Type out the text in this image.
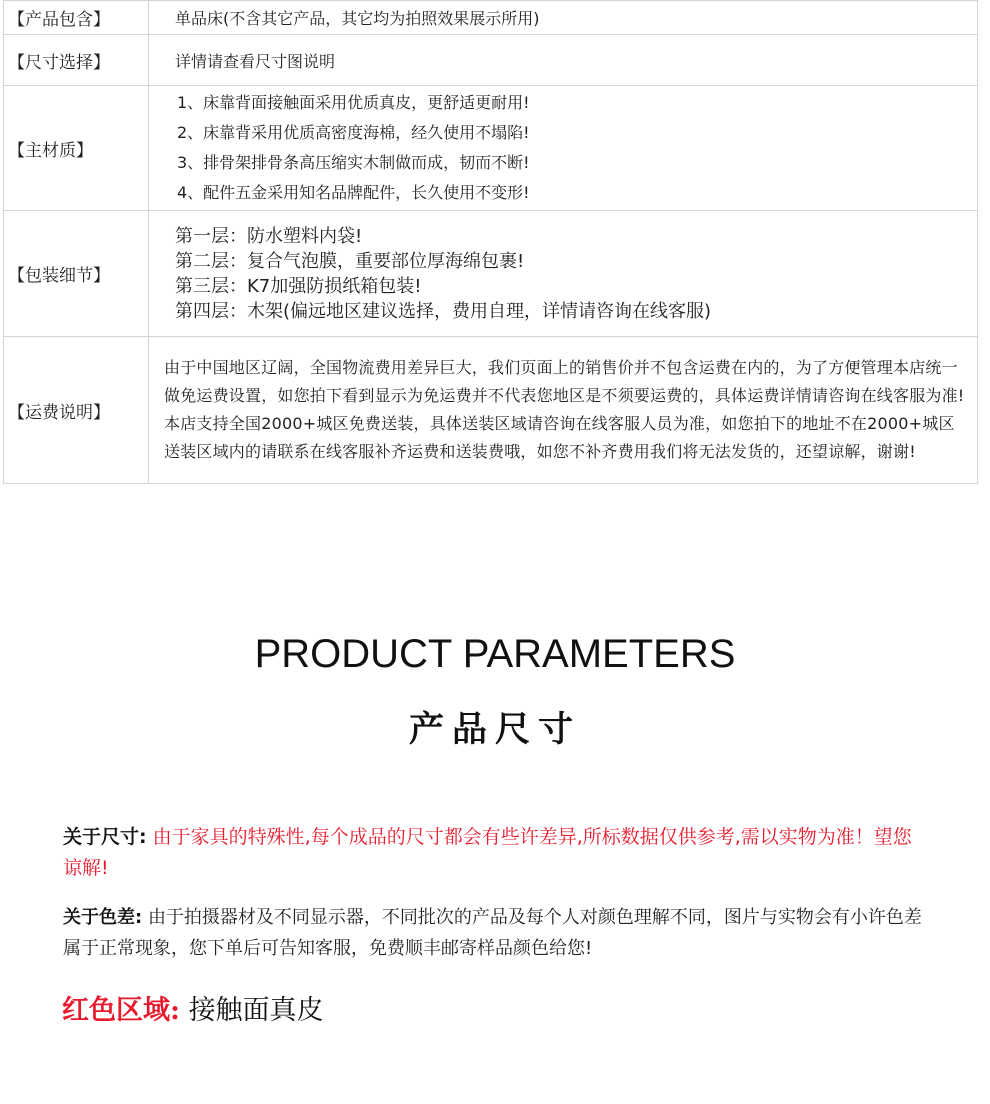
【产品包含】	单品床(不含其它产品，其它均为拍照效果展示所用)
【尺寸选择】	详情请查看尺寸图说明
【主材质】	1、床靠背面接触面采用优质真皮，更舒适更耐用!
2、床靠背采用优质高密度海棉，经久使用不塌陷!
3、排骨架排骨条高压缩实木制做而成，韧而不断!
4、配件五金采用知名品牌配件，长久使用不变形!

【包装细节】	第一层：防水塑料内袋!
第二层：复合气泡膜，重要部位厚海绵包裹!
第三层：K7加强防损纸箱包装!
第四层：木架(偏远地区建议选择，费用自理，详情请咨询在线客服)

【运费说明】	由于中国地区辽阔，全国物流费用差异巨大，我们页面上的销售价并不包含运费在内的，为了方便管理本店统一做免运费设置，如您拍下看到显示为免运费并不代表您地区是不须要运费的，具体运费详情请咨询在线客服为准!本店支持全国2000+城区免费送装，具体送装区域请咨询在线客服人员为准，如您拍下的地址不在2000+城区送装区域内的请联系在线客服补齐运费和送装费哦，如您不补齐费用我们将无法发货的，还望谅解，谢谢!
PRODUCT PARAMETERS
产品尺寸
关于尺寸: 由于家具的特殊性,每个成品的尺寸都会有些许差异,所标数据仅供参考,需以实物为准！望您谅解!
关于色差: 由于拍摄器材及不同显示器，不同批次的产品及每个人对颜色理解不同，图片与实物会有小许色差属于正常现象，您下单后可告知客服，免费顺丰邮寄样品颜色给您!
红色区域: 接触面真皮
